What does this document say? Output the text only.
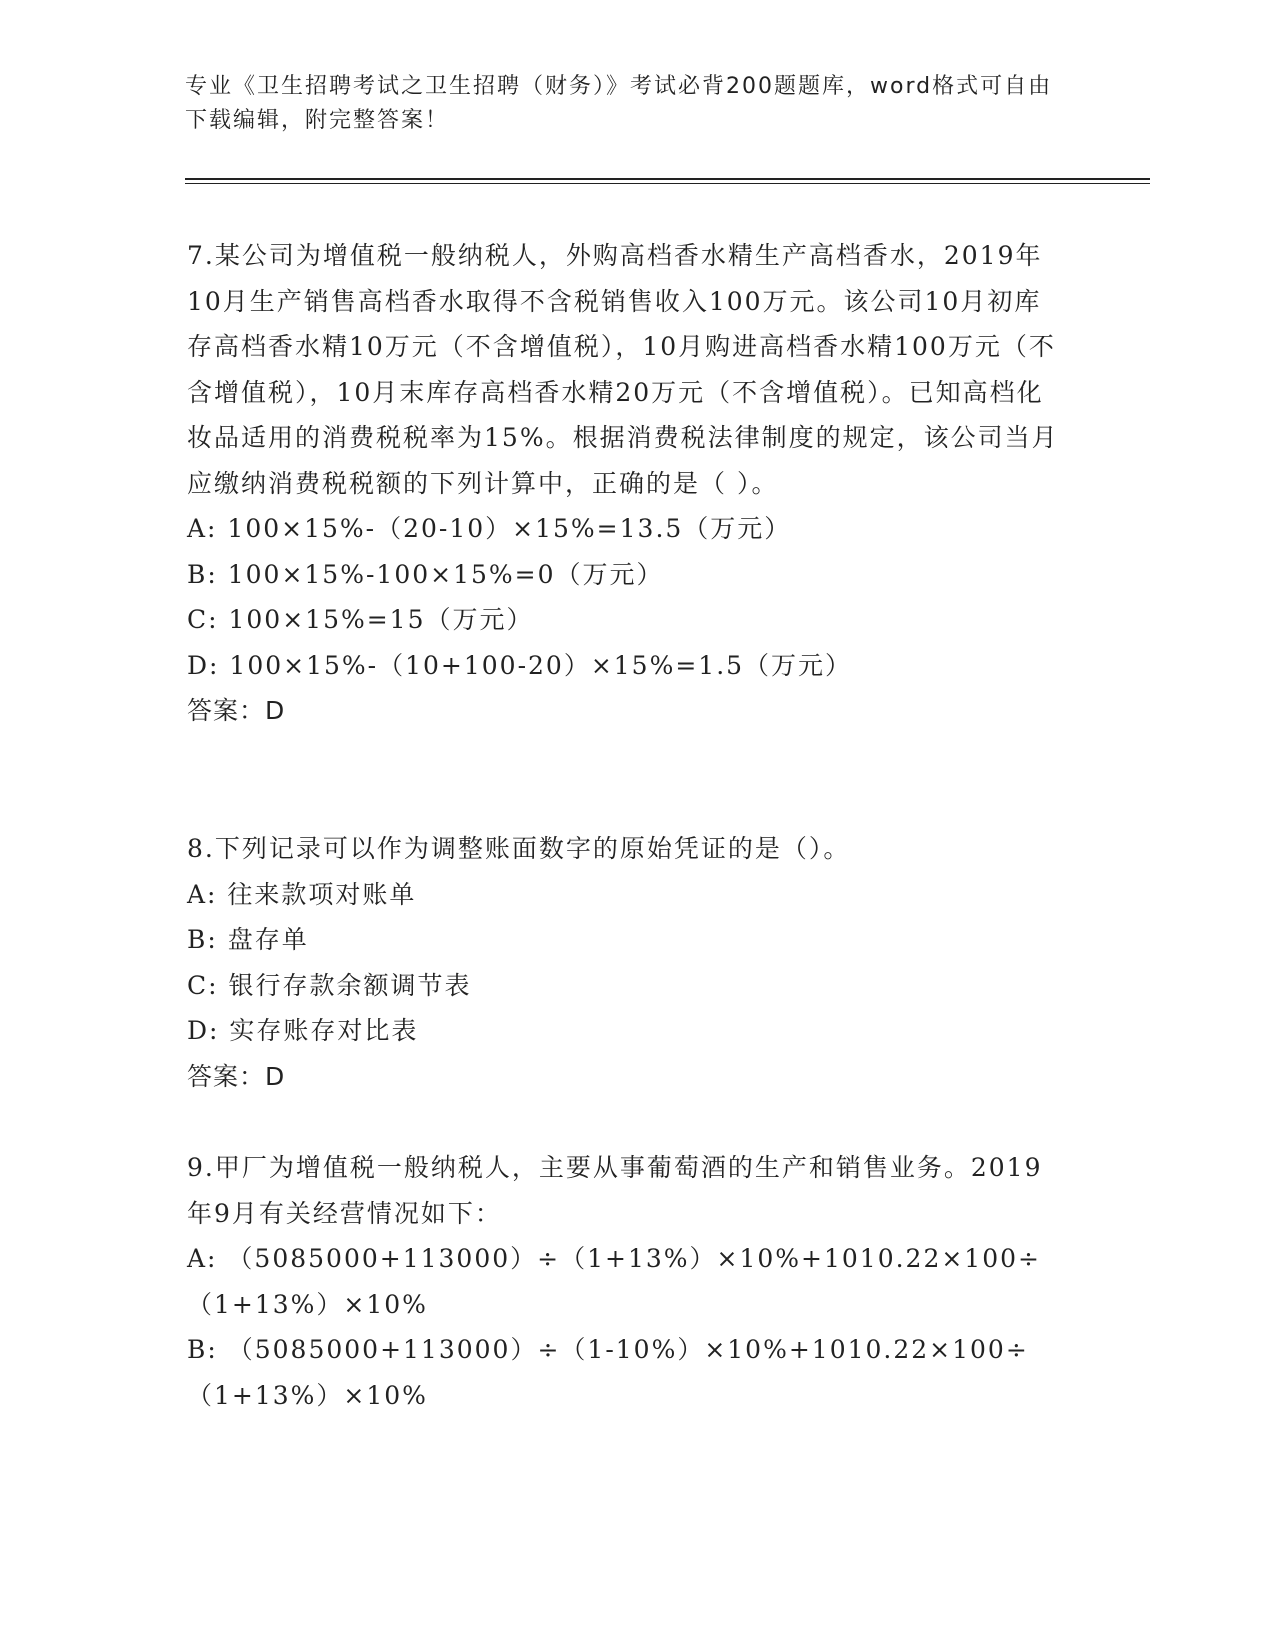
专业《卫生招聘考试之卫生招聘（财务）》考试必背200题题库，word格式可自由下载编辑，附完整答案！

7.某公司为增值税一般纳税人，外购高档香水精生产高档香水，2019年10月生产销售高档香水取得不含税销售收入100万元。该公司10月初库存高档香水精10万元（不含增值税），10月购进高档香水精100万元（不含增值税），10月末库存高档香水精20万元（不含增值税）。已知高档化妆品适用的消费税税率为15%。根据消费税法律制度的规定，该公司当月应缴纳消费税税额的下列计算中，正确的是（ ）。

A: 100×15%-（20-10）×15%=13.5（万元）

B: 100×15%-100×15%=0（万元）

C: 100×15%=15（万元）

D: 100×15%-（10+100-20）×15%=1.5（万元）

答案：D

8.下列记录可以作为调整账面数字的原始凭证的是（）。

A: 往来款项对账单

B: 盘存单

C: 银行存款余额调节表

D: 实存账存对比表

答案：D

9.甲厂为增值税一般纳税人，主要从事葡萄酒的生产和销售业务。2019年9月有关经营情况如下：

A: （5085000+113000）÷（1+13%）×10%+1010.22×100÷（1+13%）×10%

B: （5085000+113000）÷（1-10%）×10%+1010.22×100÷（1+13%）×10%
